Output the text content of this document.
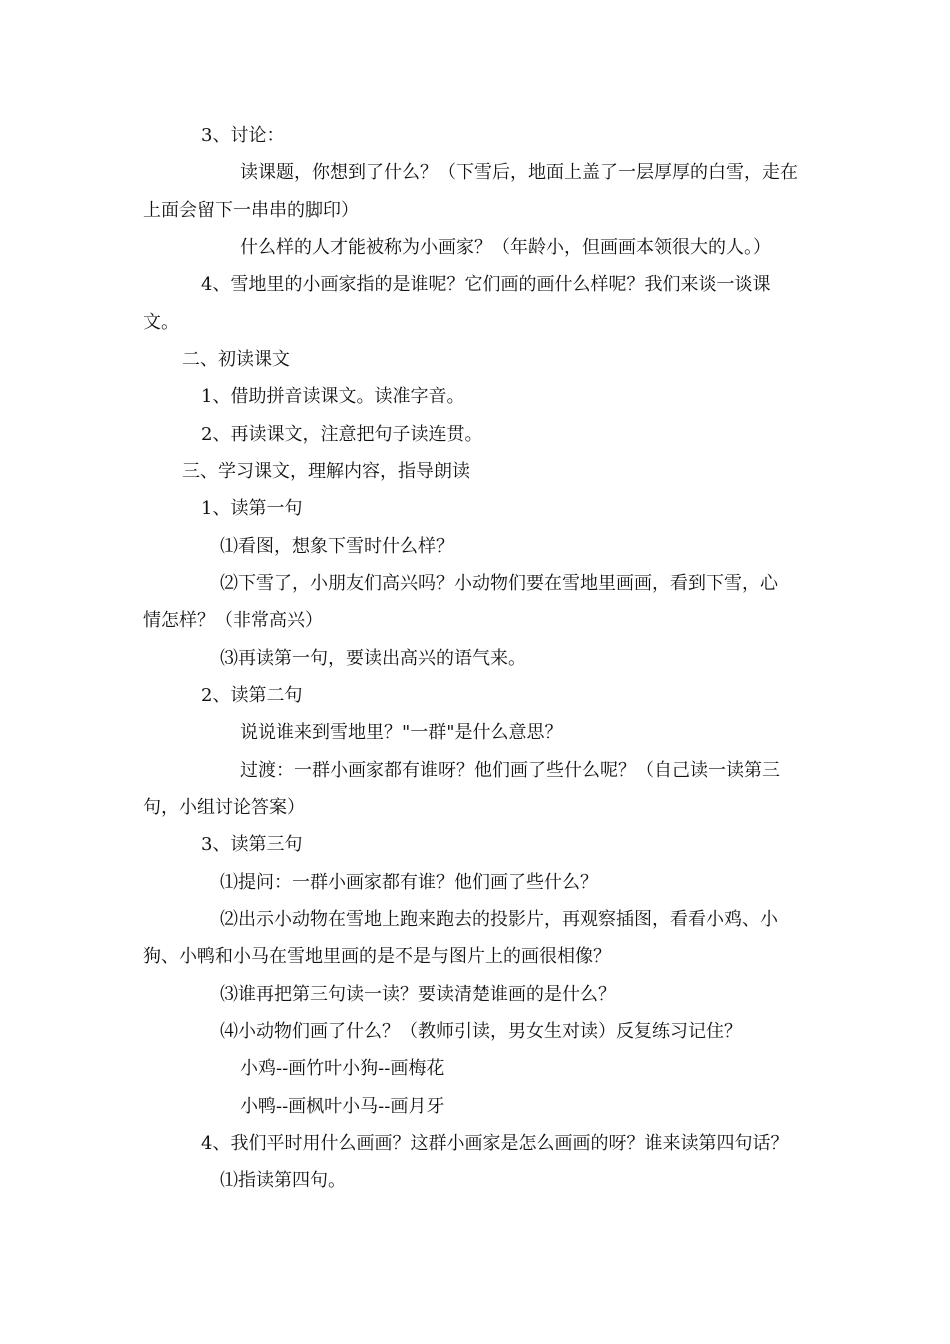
3、讨论：

读课题，你想到了什么？（下雪后，地面上盖了一层厚厚的白雪，走在

上面会留下一串串的脚印）

什么样的人才能被称为小画家？（年龄小，但画画本领很大的人。）

4、雪地里的小画家指的是谁呢？它们画的画什么样呢？我们来谈一谈课

文。

二、初读课文

1、借助拼音读课文。读准字音。

2、再读课文，注意把句子读连贯。

三、学习课文，理解内容，指导朗读

1、读第一句

⑴看图，想象下雪时什么样？

⑵下雪了，小朋友们高兴吗？小动物们要在雪地里画画，看到下雪，心

情怎样？（非常高兴）

⑶再读第一句，要读出高兴的语气来。

2、读第二句

说说谁来到雪地里？"一群"是什么意思？

过渡：一群小画家都有谁呀？他们画了些什么呢？（自己读一读第三

句，小组讨论答案）

3、读第三句

⑴提问：一群小画家都有谁？他们画了些什么？

⑵出示小动物在雪地上跑来跑去的投影片，再观察插图，看看小鸡、小

狗、小鸭和小马在雪地里画的是不是与图片上的画很相像？

⑶谁再把第三句读一读？要读清楚谁画的是什么？

⑷小动物们画了什么？（教师引读，男女生对读）反复练习记住？

小鸡--画竹叶小狗--画梅花

小鸭--画枫叶小马--画月牙

4、我们平时用什么画画？这群小画家是怎么画画的呀？谁来读第四句话？

⑴指读第四句。
